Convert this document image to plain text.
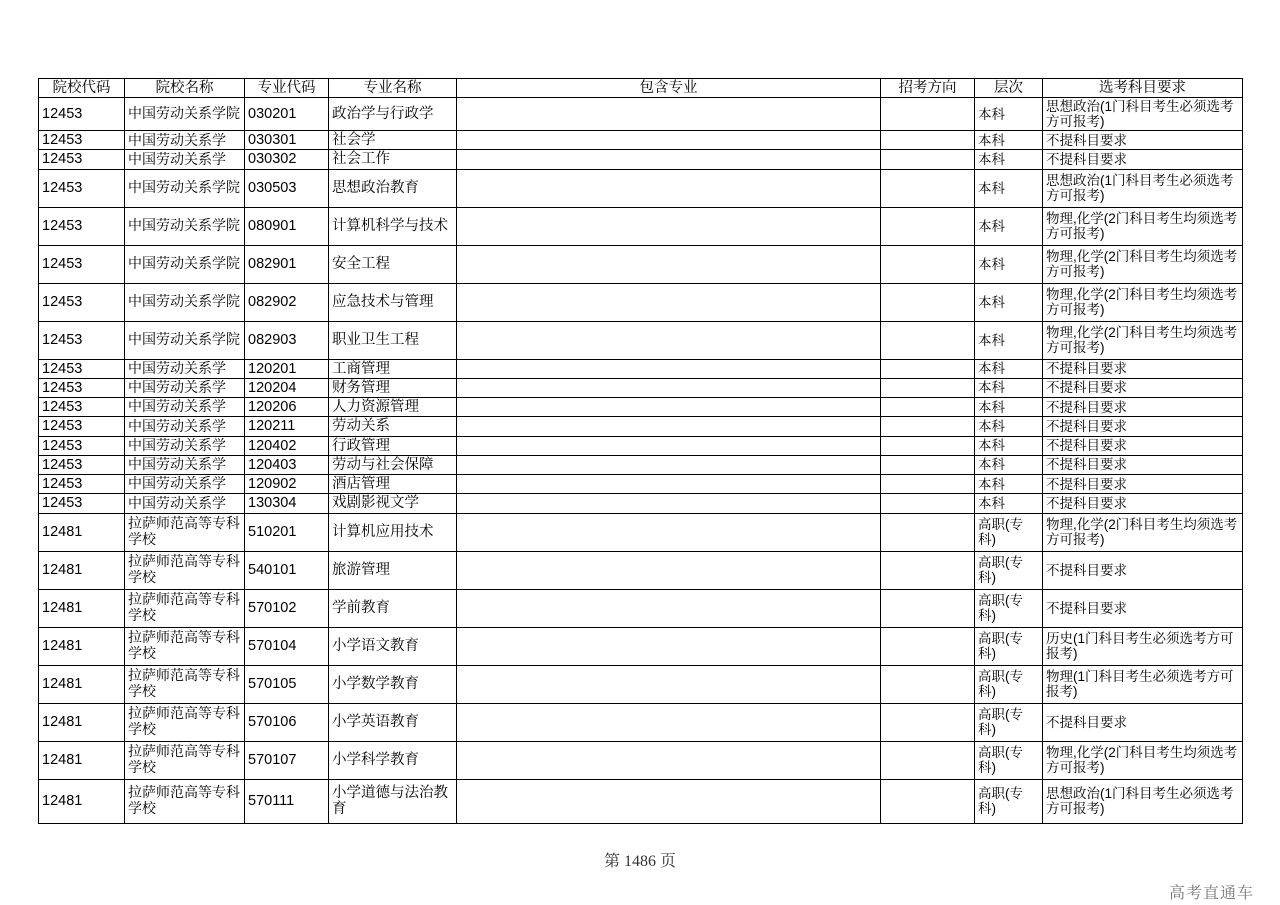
院校代码	院校名称	专业代码	专业名称	包含专业	招考方向	层次	选考科目要求
12453	中国劳动关系学院	030201	政治学与行政学			本科	思想政治(1门科目考生必须选考方可报考)
12453	中国劳动关系学	030301	社会学			本科	不提科目要求
12453	中国劳动关系学	030302	社会工作			本科	不提科目要求
12453	中国劳动关系学院	030503	思想政治教育			本科	思想政治(1门科目考生必须选考方可报考)
12453	中国劳动关系学院	080901	计算机科学与技术			本科	物理,化学(2门科目考生均须选考方可报考)
12453	中国劳动关系学院	082901	安全工程			本科	物理,化学(2门科目考生均须选考方可报考)
12453	中国劳动关系学院	082902	应急技术与管理			本科	物理,化学(2门科目考生均须选考方可报考)
12453	中国劳动关系学院	082903	职业卫生工程			本科	物理,化学(2门科目考生均须选考方可报考)
12453	中国劳动关系学	120201	工商管理			本科	不提科目要求
12453	中国劳动关系学	120204	财务管理			本科	不提科目要求
12453	中国劳动关系学	120206	人力资源管理			本科	不提科目要求
12453	中国劳动关系学	120211	劳动关系			本科	不提科目要求
12453	中国劳动关系学	120402	行政管理			本科	不提科目要求
12453	中国劳动关系学	120403	劳动与社会保障			本科	不提科目要求
12453	中国劳动关系学	120902	酒店管理			本科	不提科目要求
12453	中国劳动关系学	130304	戏剧影视文学			本科	不提科目要求
12481	拉萨师范高等专科学校	510201	计算机应用技术			高职(专科)	物理,化学(2门科目考生均须选考方可报考)
12481	拉萨师范高等专科学校	540101	旅游管理			高职(专科)	不提科目要求
12481	拉萨师范高等专科学校	570102	学前教育			高职(专科)	不提科目要求
12481	拉萨师范高等专科学校	570104	小学语文教育			高职(专科)	历史(1门科目考生必须选考方可报考)
12481	拉萨师范高等专科学校	570105	小学数学教育			高职(专科)	物理(1门科目考生必须选考方可报考)
12481	拉萨师范高等专科学校	570106	小学英语教育			高职(专科)	不提科目要求
12481	拉萨师范高等专科学校	570107	小学科学教育			高职(专科)	物理,化学(2门科目考生均须选考方可报考)
12481	拉萨师范高等专科学校	570111	小学道德与法治教育			高职(专科)	思想政治(1门科目考生必须选考方可报考)
第 1486 页
高考直通车
